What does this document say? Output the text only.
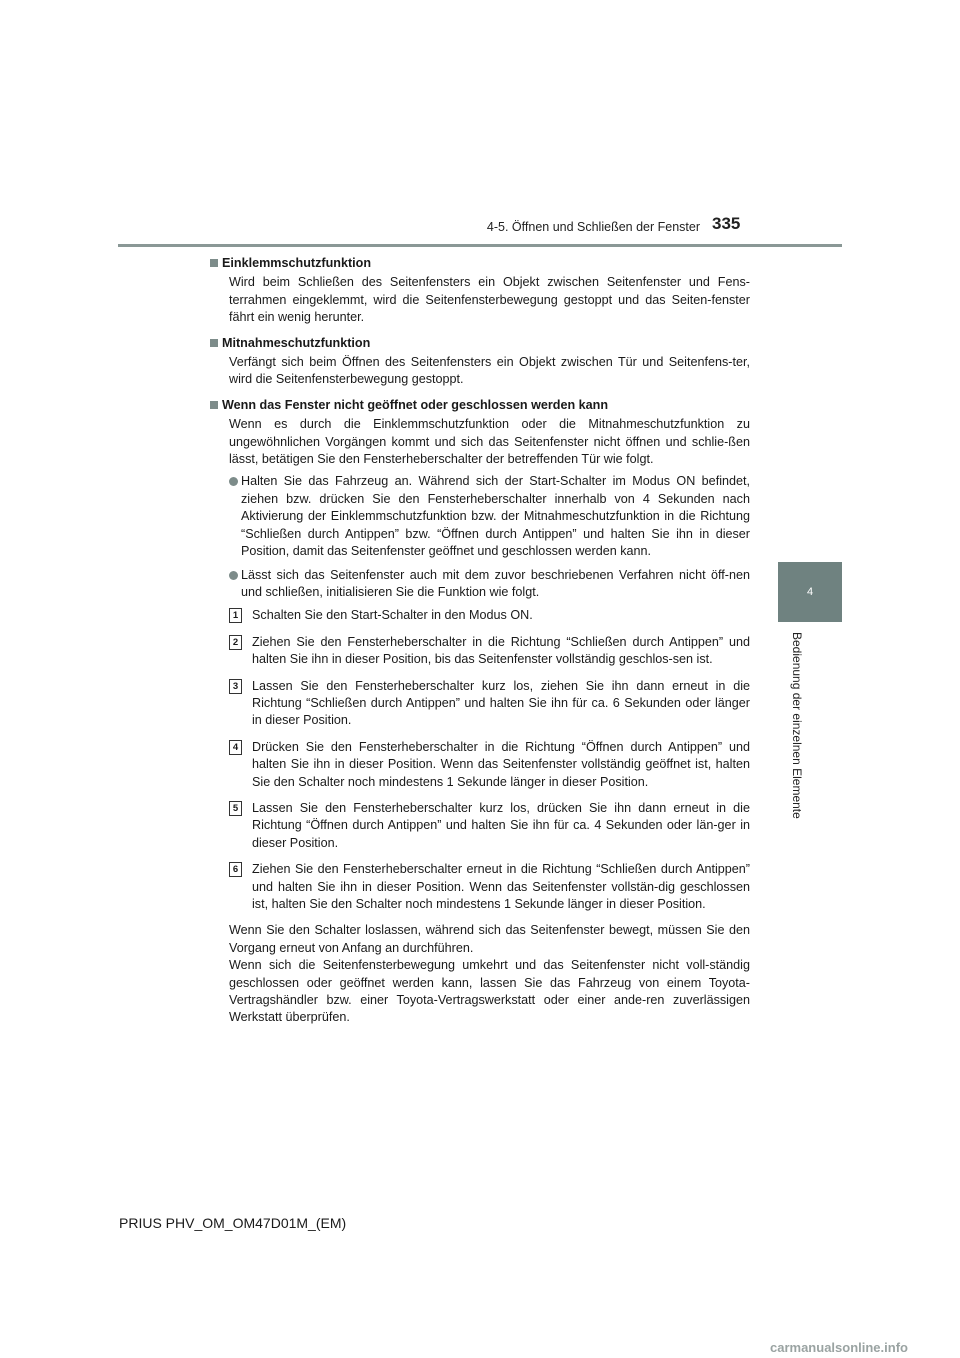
4-5. Öffnen und Schließen der Fenster 335
4
Bedienung der einzelnen Elemente
Einklemmschutzfunktion

Wird beim Schließen des Seitenfensters ein Objekt zwischen Seitenfenster und Fens-terrahmen eingeklemmt, wird die Seitenfensterbewegung gestoppt und das Seiten-fenster fährt ein wenig herunter.

Mitnahmeschutzfunktion

Verfängt sich beim Öffnen des Seitenfensters ein Objekt zwischen Tür und Seitenfens-ter, wird die Seitenfensterbewegung gestoppt.

Wenn das Fenster nicht geöffnet oder geschlossen werden kann

Wenn es durch die Einklemmschutzfunktion oder die Mitnahmeschutzfunktion zu ungewöhnlichen Vorgängen kommt und sich das Seitenfenster nicht öffnen und schlie-ßen lässt, betätigen Sie den Fensterheberschalter der betreffenden Tür wie folgt.

Halten Sie das Fahrzeug an. Während sich der Start-Schalter im Modus ON befindet, ziehen bzw. drücken Sie den Fensterheberschalter innerhalb von 4 Sekunden nach Aktivierung der Einklemmschutzfunktion bzw. der Mitnahmeschutzfunktion in die Richtung “Schließen durch Antippen” bzw. “Öffnen durch Antippen” und halten Sie ihn in dieser Position, damit das Seitenfenster geöffnet und geschlossen werden kann.
Lässt sich das Seitenfenster auch mit dem zuvor beschriebenen Verfahren nicht öff-nen und schließen, initialisieren Sie die Funktion wie folgt.
1	Schalten Sie den Start-Schalter in den Modus ON.
2	Ziehen Sie den Fensterheberschalter in die Richtung “Schließen durch Antippen” und halten Sie ihn in dieser Position, bis das Seitenfenster vollständig geschlos-sen ist.
3	Lassen Sie den Fensterheberschalter kurz los, ziehen Sie ihn dann erneut in die Richtung “Schließen durch Antippen” und halten Sie ihn für ca. 6 Sekunden oder länger in dieser Position.
4	Drücken Sie den Fensterheberschalter in die Richtung “Öffnen durch Antippen” und halten Sie ihn in dieser Position. Wenn das Seitenfenster vollständig geöffnet ist, halten Sie den Schalter noch mindestens 1 Sekunde länger in dieser Position.
5	Lassen Sie den Fensterheberschalter kurz los, drücken Sie ihn dann erneut in die Richtung “Öffnen durch Antippen” und halten Sie ihn für ca. 4 Sekunden oder län-ger in dieser Position.
6	Ziehen Sie den Fensterheberschalter erneut in die Richtung “Schließen durch Antippen” und halten Sie ihn in dieser Position. Wenn das Seitenfenster vollstän-dig geschlossen ist, halten Sie den Schalter noch mindestens 1 Sekunde länger in dieser Position.
Wenn Sie den Schalter loslassen, während sich das Seitenfenster bewegt, müssen Sie den Vorgang erneut von Anfang an durchführen.
Wenn sich die Seitenfensterbewegung umkehrt und das Seitenfenster nicht voll-ständig geschlossen oder geöffnet werden kann, lassen Sie das Fahrzeug von einem Toyota-Vertragshändler bzw. einer Toyota-Vertragswerkstatt oder einer ande-ren zuverlässigen Werkstatt überprüfen.
PRIUS PHV_OM_OM47D01M_(EM)
carmanualsonline.info
